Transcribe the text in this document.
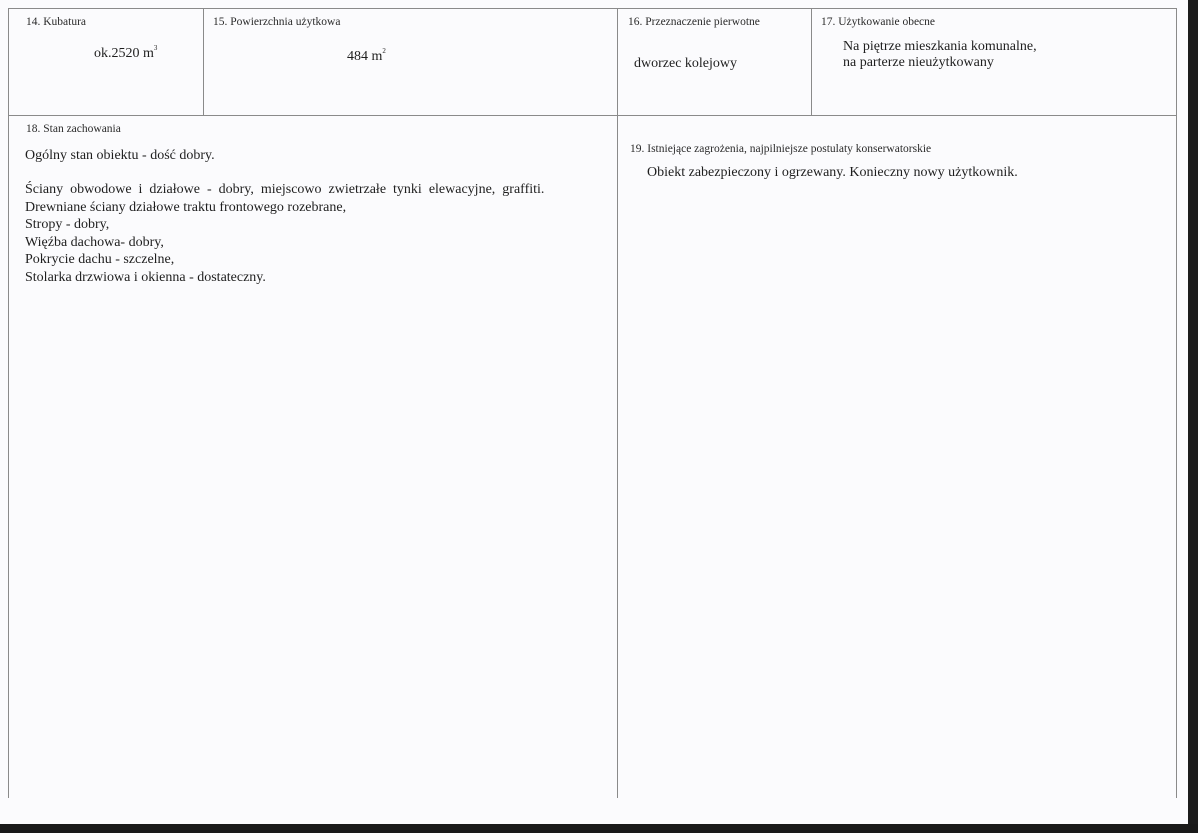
14. Kubatura
ok.2520 $m^3$
15. Powierzchnia użytkowa
484 $m^2$
16. Przeznaczenie pierwotne
dworzec kolejowy
17. Użytkowanie obecne
Na piętrze mieszkania komunalne,
na parterze nieużytkowany
18. Stan zachowania
Ogólny stan obiektu - dość dobry.
Ściany  obwodowe  i  działowe  -  dobry,  miejscowo  zwietrzałe  tynki  elewacyjne,  graffiti.
Drewniane ściany działowe traktu frontowego rozebrane,
Stropy - dobry,
Więźba dachowa- dobry,
Pokrycie dachu - szczelne,
Stolarka drzwiowa i okienna - dostateczny.
19. Istniejące zagrożenia, najpilniejsze postulaty konserwatorskie
Obiekt zabezpieczony i ogrzewany. Konieczny nowy użytkownik.
